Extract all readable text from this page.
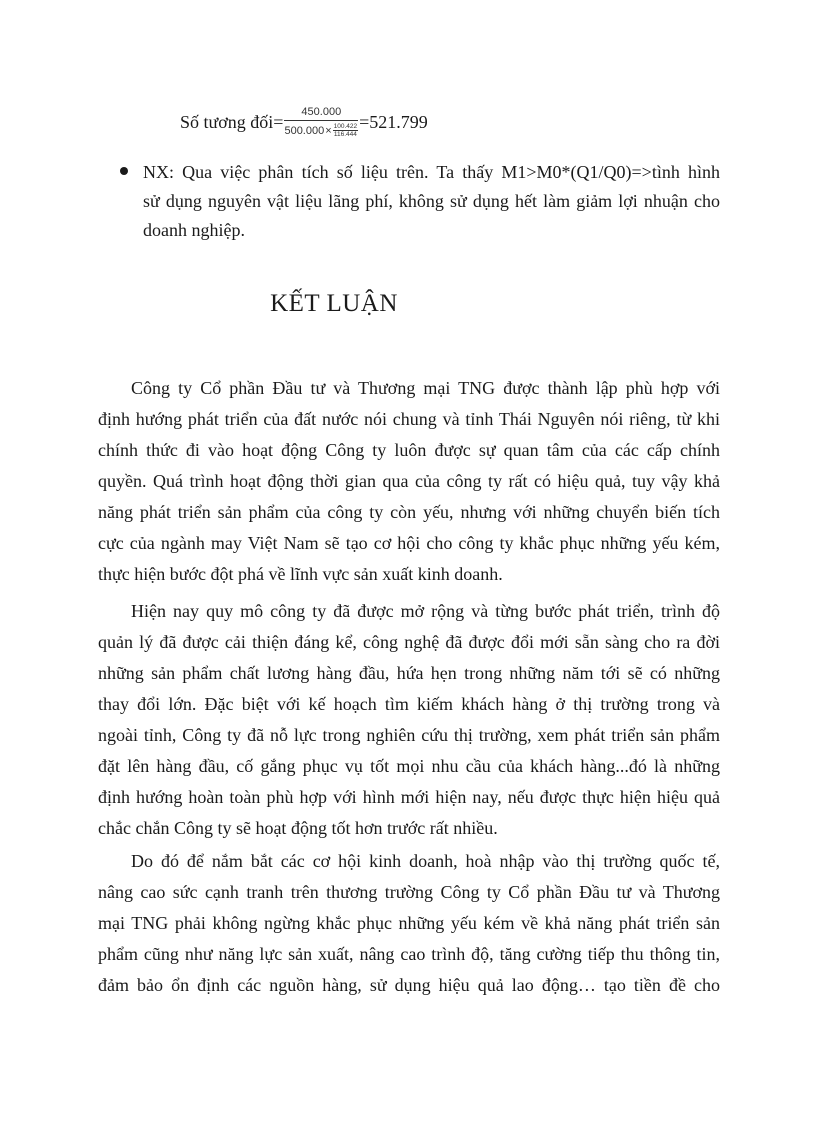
Số tương đối=	450.000
$500.000 \times \frac{100.422}{116.444} =521.799$
NX: Qua việc phân tích số liệu trên. Ta thấy M1>M0*(Q1/Q0)=>tình hình
sử dụng nguyên vật liệu lãng phí, không sử dụng hết làm giảm lợi nhuận cho
doanh nghiệp.
KẾT LUẬN
Công ty Cổ phần Đầu tư và Thương mại TNG được thành lập phù hợp với
định hướng phát triển của đất nước nói chung và tỉnh Thái Nguyên nói riêng, từ khi
chính thức đi vào hoạt động Công ty luôn được sự quan tâm của các cấp chính
quyền. Quá trình hoạt động thời gian qua của công ty rất có hiệu quả, tuy vậy khả
năng phát triển sản phẩm của công ty còn yếu, nhưng với những chuyển biến tích
cực của ngành may Việt Nam sẽ tạo cơ hội cho công ty khắc phục những yếu kém,
thực hiện bước đột phá về lĩnh vực sản xuất kinh doanh.
Hiện nay quy mô công ty đã được mở rộng và từng bước phát triển, trình độ
quản lý đã được cải thiện đáng kể, công nghệ đã được đổi mới sẵn sàng cho ra đời
những sản phẩm chất lương hàng đầu, hứa hẹn trong những năm tới sẽ có những
thay đổi lớn. Đặc biệt với kế hoạch tìm kiếm khách hàng ở thị trường trong và
ngoài tỉnh, Công ty đã nỗ lực trong nghiên cứu thị trường, xem phát triển sản phẩm
đặt lên hàng đầu, cố gắng phục vụ tốt mọi nhu cầu của khách hàng...đó là những
định hướng hoàn toàn phù hợp với hình mới hiện nay, nếu được thực hiện hiệu quả
chắc chắn Công ty sẽ hoạt động tốt hơn trước rất nhiều.
Do đó để nắm bắt các cơ hội kinh doanh, hoà nhập vào thị trường quốc tế,
nâng cao sức cạnh tranh trên thương trường Công ty Cổ phần Đầu tư và Thương
mại TNG phải không ngừng khắc phục những yếu kém về khả năng phát triển sản
phẩm cũng như năng lực sản xuất, nâng cao trình độ, tăng cường tiếp thu thông tin,
đảm bảo ổn định các nguồn hàng, sử dụng hiệu quả lao động… tạo tiền đề cho
